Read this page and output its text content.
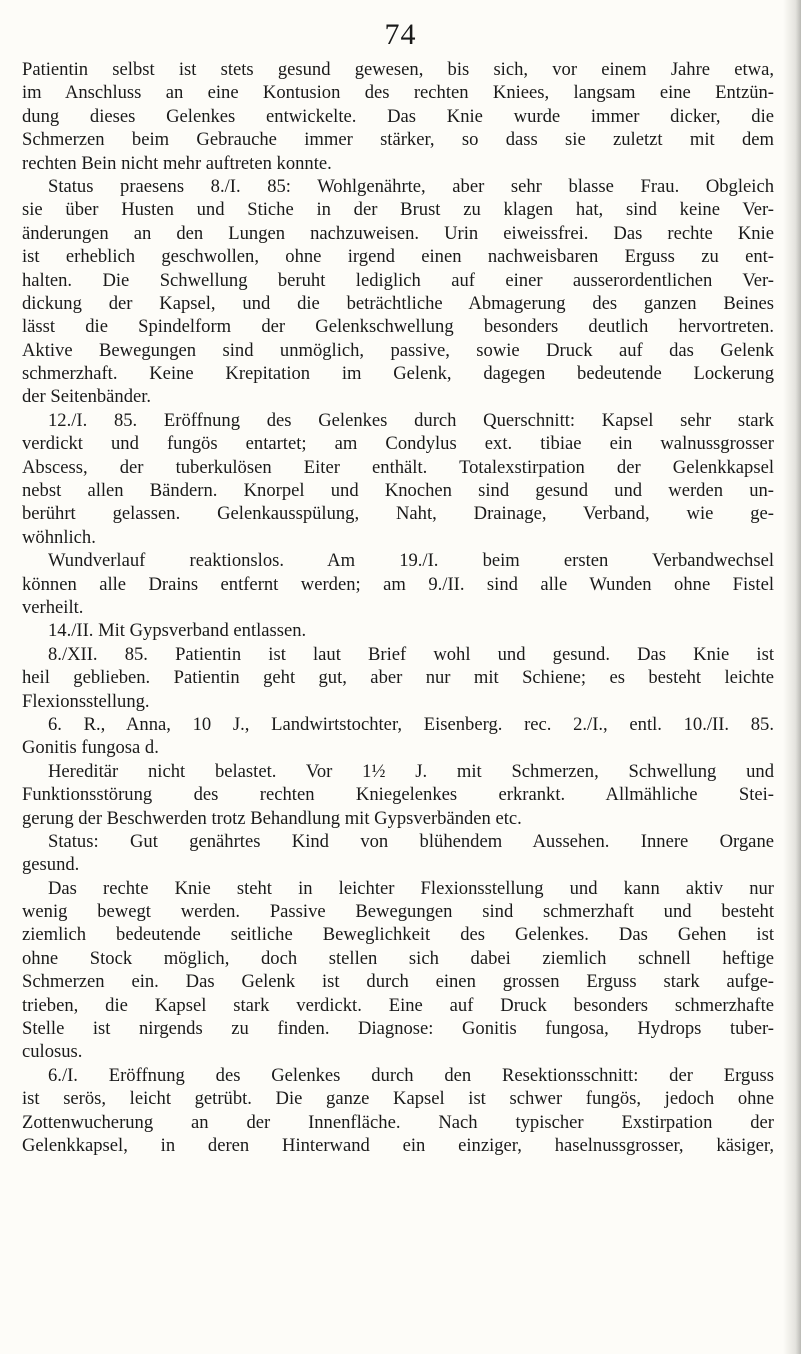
74
Patientin selbst ist stets gesund gewesen, bis sich, vor einem Jahre etwa,
im Anschluss an eine Kontusion des rechten Kniees, langsam eine Entzün-
dung dieses Gelenkes entwickelte. Das Knie wurde immer dicker, die
Schmerzen beim Gebrauche immer stärker, so dass sie zuletzt mit dem
rechten Bein nicht mehr auftreten konnte.
Status praesens 8./I. 85: Wohlgenährte, aber sehr blasse Frau. Obgleich
sie über Husten und Stiche in der Brust zu klagen hat, sind keine Ver-
änderungen an den Lungen nachzuweisen. Urin eiweissfrei. Das rechte Knie
ist erheblich geschwollen, ohne irgend einen nachweisbaren Erguss zu ent-
halten. Die Schwellung beruht lediglich auf einer ausserordentlichen Ver-
dickung der Kapsel, und die beträchtliche Abmagerung des ganzen Beines
lässt die Spindelform der Gelenkschwellung besonders deutlich hervortreten.
Aktive Bewegungen sind unmöglich, passive, sowie Druck auf das Gelenk
schmerzhaft. Keine Krepitation im Gelenk, dagegen bedeutende Lockerung
der Seitenbänder.
12./I. 85. Eröffnung des Gelenkes durch Querschnitt: Kapsel sehr stark
verdickt und fungös entartet; am Condylus ext. tibiae ein walnussgrosser
Abscess, der tuberkulösen Eiter enthält. Totalexstirpation der Gelenkkapsel
nebst allen Bändern. Knorpel und Knochen sind gesund und werden un-
berührt gelassen. Gelenkausspülung, Naht, Drainage, Verband, wie ge-
wöhnlich.
Wundverlauf reaktionslos. Am 19./I. beim ersten Verbandwechsel
können alle Drains entfernt werden; am 9./II. sind alle Wunden ohne Fistel
verheilt.
14./II. Mit Gypsverband entlassen.
8./XII. 85. Patientin ist laut Brief wohl und gesund. Das Knie ist
heil geblieben. Patientin geht gut, aber nur mit Schiene; es besteht leichte
Flexionsstellung.
6. R., Anna, 10 J., Landwirtstochter, Eisenberg. rec. 2./I., entl. 10./II. 85.
Gonitis fungosa d.
Hereditär nicht belastet. Vor 1½ J. mit Schmerzen, Schwellung und
Funktionsstörung des rechten Kniegelenkes erkrankt. Allmähliche Stei-
gerung der Beschwerden trotz Behandlung mit Gypsverbänden etc.
Status: Gut genährtes Kind von blühendem Aussehen. Innere Organe
gesund.
Das rechte Knie steht in leichter Flexionsstellung und kann aktiv nur
wenig bewegt werden. Passive Bewegungen sind schmerzhaft und besteht
ziemlich bedeutende seitliche Beweglichkeit des Gelenkes. Das Gehen ist
ohne Stock möglich, doch stellen sich dabei ziemlich schnell heftige
Schmerzen ein. Das Gelenk ist durch einen grossen Erguss stark aufge-
trieben, die Kapsel stark verdickt. Eine auf Druck besonders schmerzhafte
Stelle ist nirgends zu finden. Diagnose: Gonitis fungosa, Hydrops tuber-
culosus.
6./I. Eröffnung des Gelenkes durch den Resektionsschnitt: der Erguss
ist serös, leicht getrübt. Die ganze Kapsel ist schwer fungös, jedoch ohne
Zottenwucherung an der Innenfläche. Nach typischer Exstirpation der
Gelenkkapsel, in deren Hinterwand ein einziger, haselnussgrosser, käsiger,
